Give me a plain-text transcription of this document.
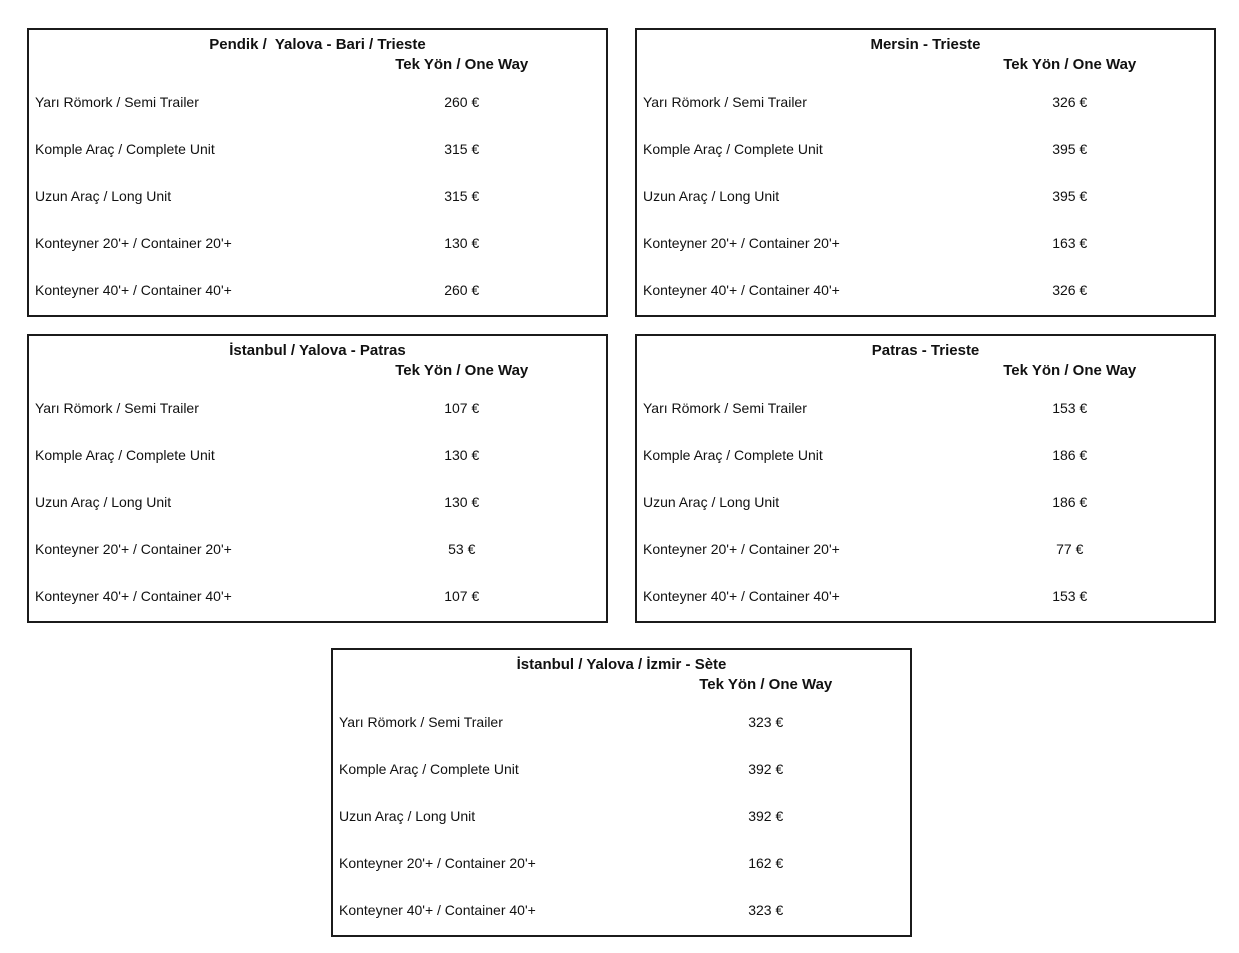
Pendik /  Yalova - Bari / Trieste
Tek Yön / One Way
Yarı Römork / Semi Trailer	260 €
Komple Araç / Complete Unit	315 €
Uzun Araç / Long Unit	315 €
Konteyner 20'+ / Container 20'+	130 €
Konteyner 40'+ / Container 40'+	260 €
Mersin - Trieste
Tek Yön / One Way
Yarı Römork / Semi Trailer	326 €
Komple Araç / Complete Unit	395 €
Uzun Araç / Long Unit	395 €
Konteyner 20'+ / Container 20'+	163 €
Konteyner 40'+ / Container 40'+	326 €
İstanbul / Yalova - Patras
Tek Yön / One Way
Yarı Römork / Semi Trailer	107 €
Komple Araç / Complete Unit	130 €
Uzun Araç / Long Unit	130 €
Konteyner 20'+ / Container 20'+	53 €
Konteyner 40'+ / Container 40'+	107 €
Patras - Trieste
Tek Yön / One Way
Yarı Römork / Semi Trailer	153 €
Komple Araç / Complete Unit	186 €
Uzun Araç / Long Unit	186 €
Konteyner 20'+ / Container 20'+	77 €
Konteyner 40'+ / Container 40'+	153 €
İstanbul / Yalova / İzmir - Sète
Tek Yön / One Way
Yarı Römork / Semi Trailer	323 €
Komple Araç / Complete Unit	392 €
Uzun Araç / Long Unit	392 €
Konteyner 20'+ / Container 20'+	162 €
Konteyner 40'+ / Container 40'+	323 €
